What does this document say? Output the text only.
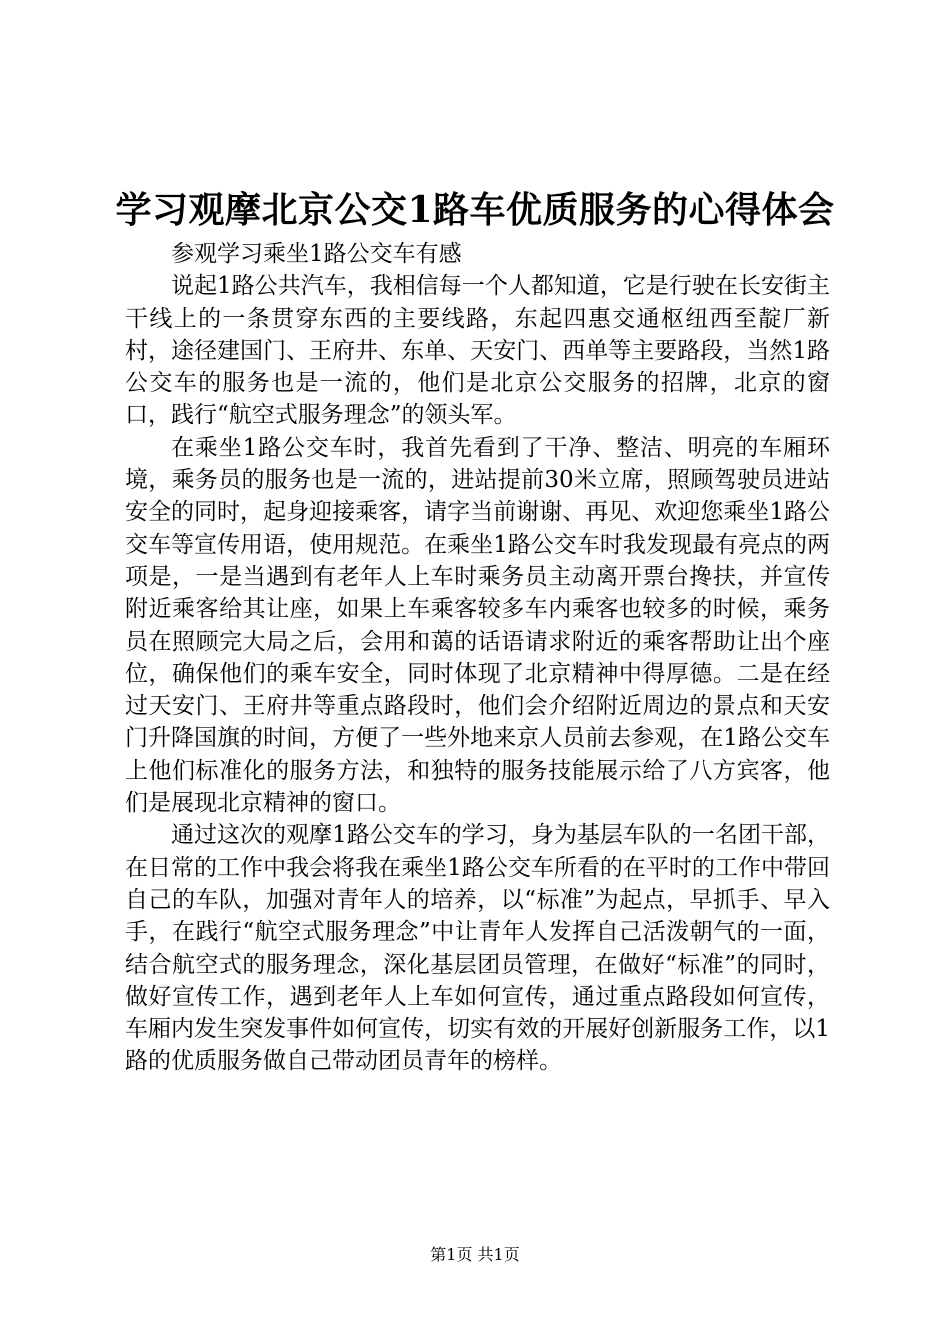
学习观摩北京公交1路车优质服务的心得体会

参观学习乘坐1路公交车有感

说起1路公共汽车，我相信每一个人都知道，它是行驶在长安街主干线上的一条贯穿东西的主要线路，东起四惠交通枢纽西至靛厂新村，途径建国门、王府井、东单、天安门、西单等主要路段，当然1路公交车的服务也是一流的，他们是北京公交服务的招牌，北京的窗口，践行“航空式服务理念”的领头军。

在乘坐1路公交车时，我首先看到了干净、整洁、明亮的车厢环境，乘务员的服务也是一流的，进站提前30米立席，照顾驾驶员进站安全的同时，起身迎接乘客，请字当前谢谢、再见、欢迎您乘坐1路公交车等宣传用语，使用规范。在乘坐1路公交车时我发现最有亮点的两项是，一是当遇到有老年人上车时乘务员主动离开票台搀扶，并宣传附近乘客给其让座，如果上车乘客较多车内乘客也较多的时候，乘务员在照顾完大局之后，会用和蔼的话语请求附近的乘客帮助让出个座位，确保他们的乘车安全，同时体现了北京精神中得厚德。二是在经过天安门、王府井等重点路段时，他们会介绍附近周边的景点和天安门升降国旗的时间，方便了一些外地来京人员前去参观，在1路公交车上他们标准化的服务方法，和独特的服务技能展示给了八方宾客，他们是展现北京精神的窗口。

通过这次的观摩1路公交车的学习，身为基层车队的一名团干部，在日常的工作中我会将我在乘坐1路公交车所看的在平时的工作中带回自己的车队，加强对青年人的培养，以“标准”为起点，早抓手、早入手，在践行“航空式服务理念”中让青年人发挥自己活泼朝气的一面，结合航空式的服务理念，深化基层团员管理，在做好“标准”的同时，做好宣传工作，遇到老年人上车如何宣传，通过重点路段如何宣传，车厢内发生突发事件如何宣传，切实有效的开展好创新服务工作，以1路的优质服务做自己带动团员青年的榜样。

第1页 共1页
